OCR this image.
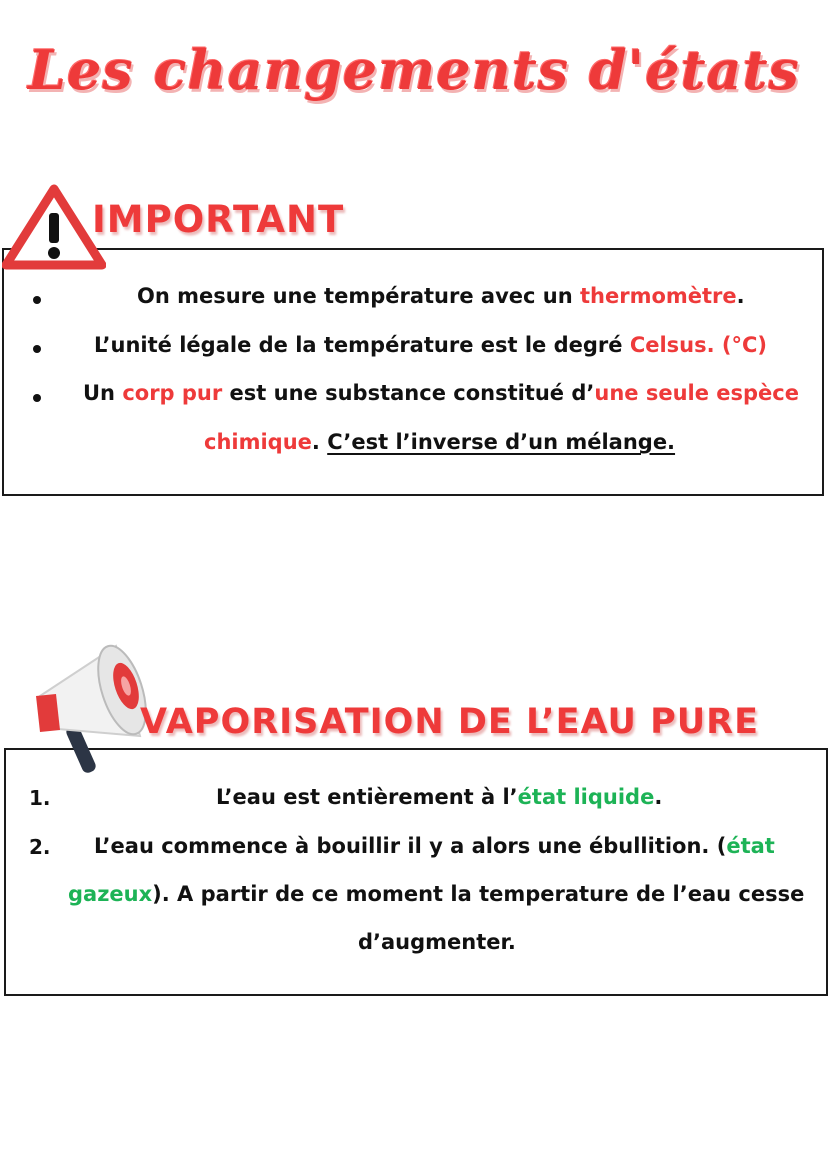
Les changements d'états
IMPORTANT
On mesure une température avec un thermomètre.
L’unité légale de la température est le degré Celsus. (°C)
Un corp pur est une substance constitué d’une seule espèce
chimique. C’est l’inverse d’un mélange.
VAPORISATION DE L’EAU PURE
1.	L’eau est entièrement à l’état liquide.
2. L’eau commence à bouillir il y a alors une ébullition. (état
gazeux). A partir de ce moment la temperature de l’eau cesse
d’augmenter.
